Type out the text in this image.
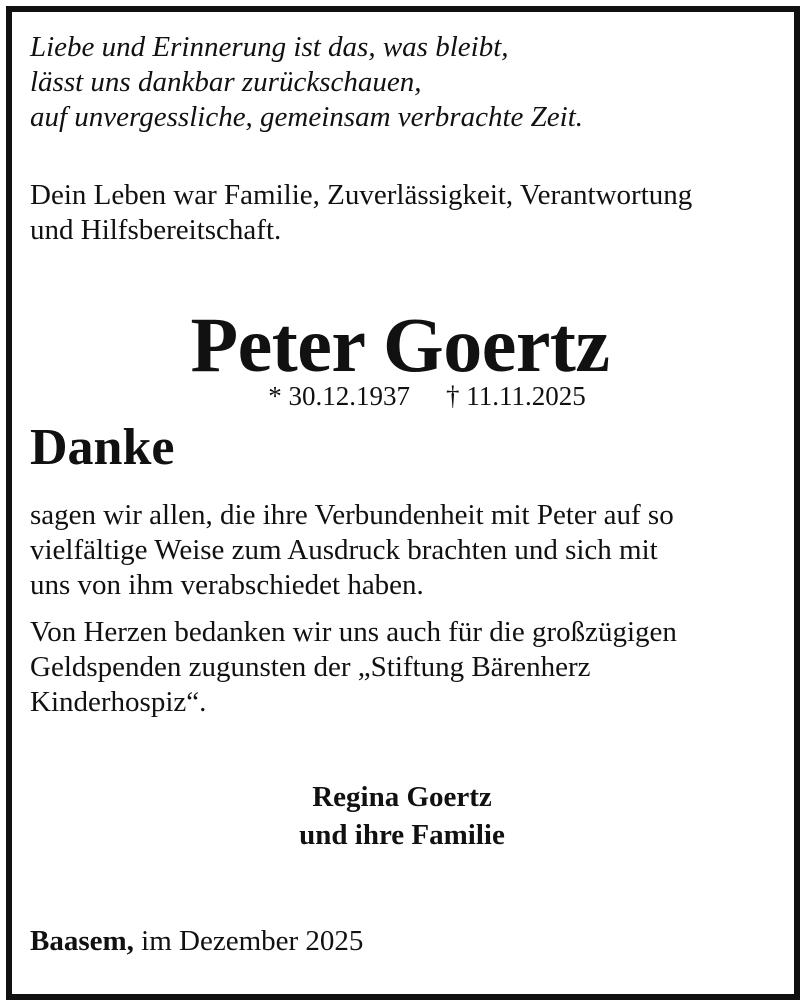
Liebe und Erinnerung ist das, was bleibt,
lässt uns dankbar zurückschauen,
auf unvergessliche, gemeinsam verbrachte Zeit.
Dein Leben war Familie, Zuverlässigkeit, Verantwortung
und Hilfsbereitschaft.
Peter Goertz
* 30.12.1937 † 11.11.2025
Danke
sagen wir allen, die ihre Verbundenheit mit Peter auf so
vielfältige Weise zum Ausdruck brachten und sich mit
uns von ihm verabschiedet haben.
Von Herzen bedanken wir uns auch für die großzügigen
Geldspenden zugunsten der „Stiftung Bärenherz
Kinderhospiz“.
Regina Goertz
und ihre Familie
Baasem, im Dezember 2025
